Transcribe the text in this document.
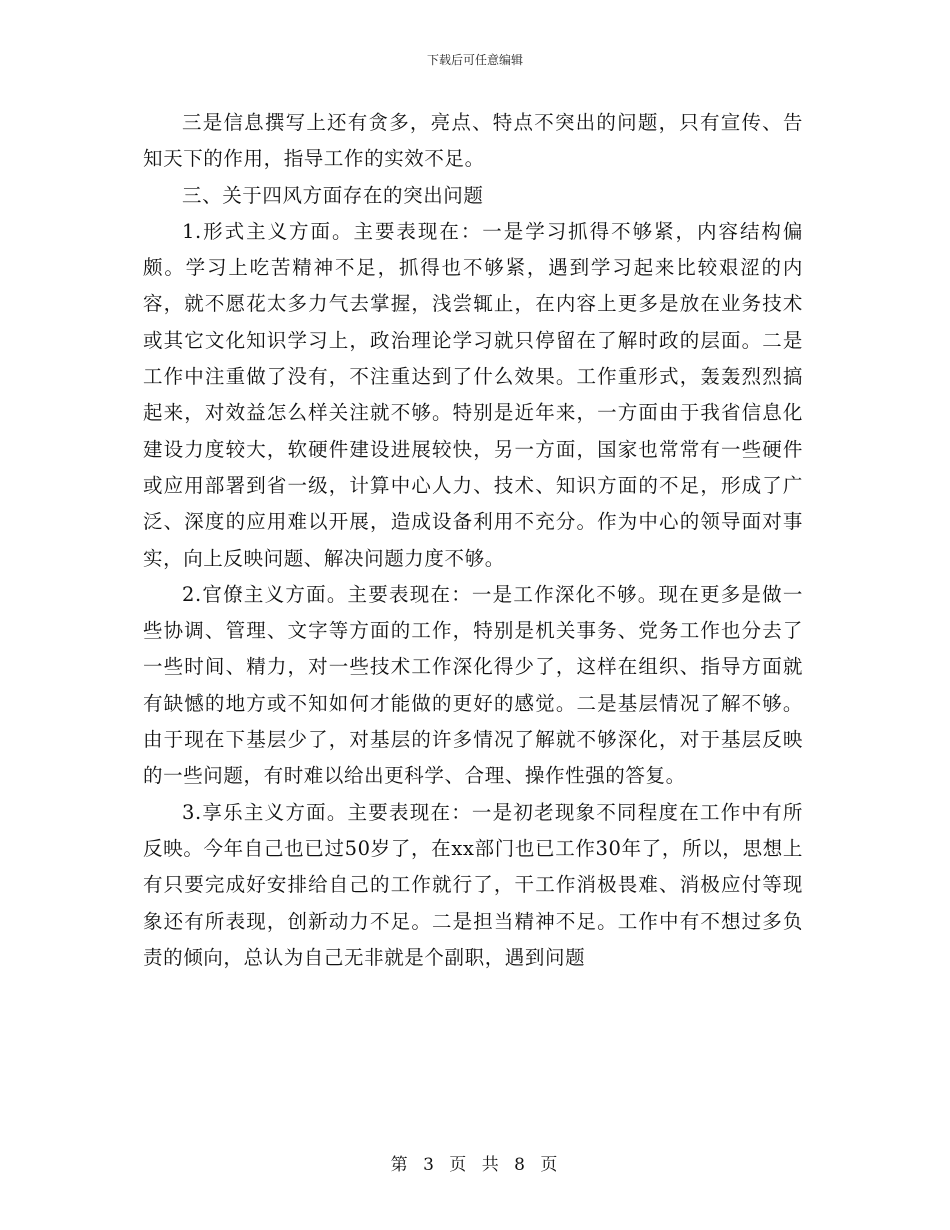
下载后可任意编辑

三是信息撰写上还有贪多，亮点、特点不突出的问题，只有宣传、告知天下的作用，指导工作的实效不足。

三、关于四风方面存在的突出问题

1.形式主义方面。主要表现在：一是学习抓得不够紧，内容结构偏颇。学习上吃苦精神不足，抓得也不够紧，遇到学习起来比较艰涩的内容，就不愿花太多力气去掌握，浅尝辄止，在内容上更多是放在业务技术或其它文化知识学习上，政治理论学习就只停留在了解时政的层面。二是工作中注重做了没有，不注重达到了什么效果。工作重形式，轰轰烈烈搞起来，对效益怎么样关注就不够。特别是近年来，一方面由于我省信息化建设力度较大，软硬件建设进展较快，另一方面，国家也常常有一些硬件或应用部署到省一级，计算中心人力、技术、知识方面的不足，形成了广泛、深度的应用难以开展，造成设备利用不充分。作为中心的领导面对事实，向上反映问题、解决问题力度不够。

2.官僚主义方面。主要表现在：一是工作深化不够。现在更多是做一些协调、管理、文字等方面的工作，特别是机关事务、党务工作也分去了一些时间、精力，对一些技术工作深化得少了，这样在组织、指导方面就有缺憾的地方或不知如何才能做的更好的感觉。二是基层情况了解不够。由于现在下基层少了，对基层的许多情况了解就不够深化，对于基层反映的一些问题，有时难以给出更科学、合理、操作性强的答复。

3.享乐主义方面。主要表现在：一是初老现象不同程度在工作中有所反映。今年自己也已过50岁了，在xx部门也已工作30年了，所以，思想上有只要完成好安排给自己的工作就行了，干工作消极畏难、消极应付等现象还有所表现，创新动力不足。二是担当精神不足。工作中有不想过多负责的倾向，总认为自己无非就是个副职，遇到问题

第 3 页 共 8 页
